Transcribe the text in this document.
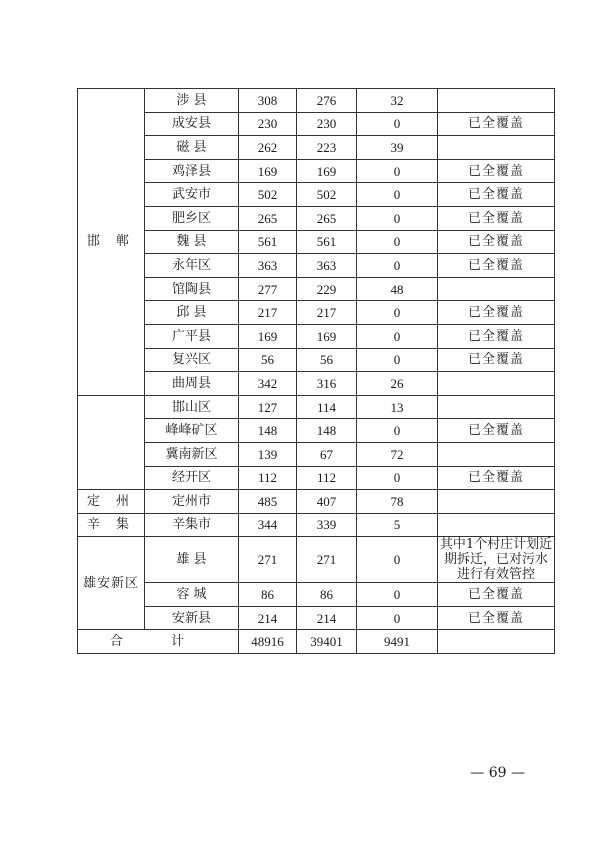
邯 郸	涉 县	308	276	32	
	成安县	230	230	0	已全覆盖
	磁 县	262	223	39	
	鸡泽县	169	169	0	已全覆盖
	武安市	502	502	0	已全覆盖
	肥乡区	265	265	0	已全覆盖
	魏 县	561	561	0	已全覆盖
	永年区	363	363	0	已全覆盖
	馆陶县	277	229	48	
	邱 县	217	217	0	已全覆盖
	广平县	169	169	0	已全覆盖
	复兴区	56	56	0	已全覆盖
	曲周县	342	316	26	
	邯山区	127	114	13	
	峰峰矿区	148	148	0	已全覆盖
	冀南新区	139	67	72	
	经开区	112	112	0	已全覆盖
定 州	定州市	485	407	78	
辛 集	辛集市	344	339	5	
雄安新区	雄 县	271	271	0	其中1个村庄计划近期拆迁，已对污水进行有效管控
	容 城	86	86	0	已全覆盖
	安新县	214	214	0	已全覆盖
合 计		48916	39401	9491	
— 69 —
